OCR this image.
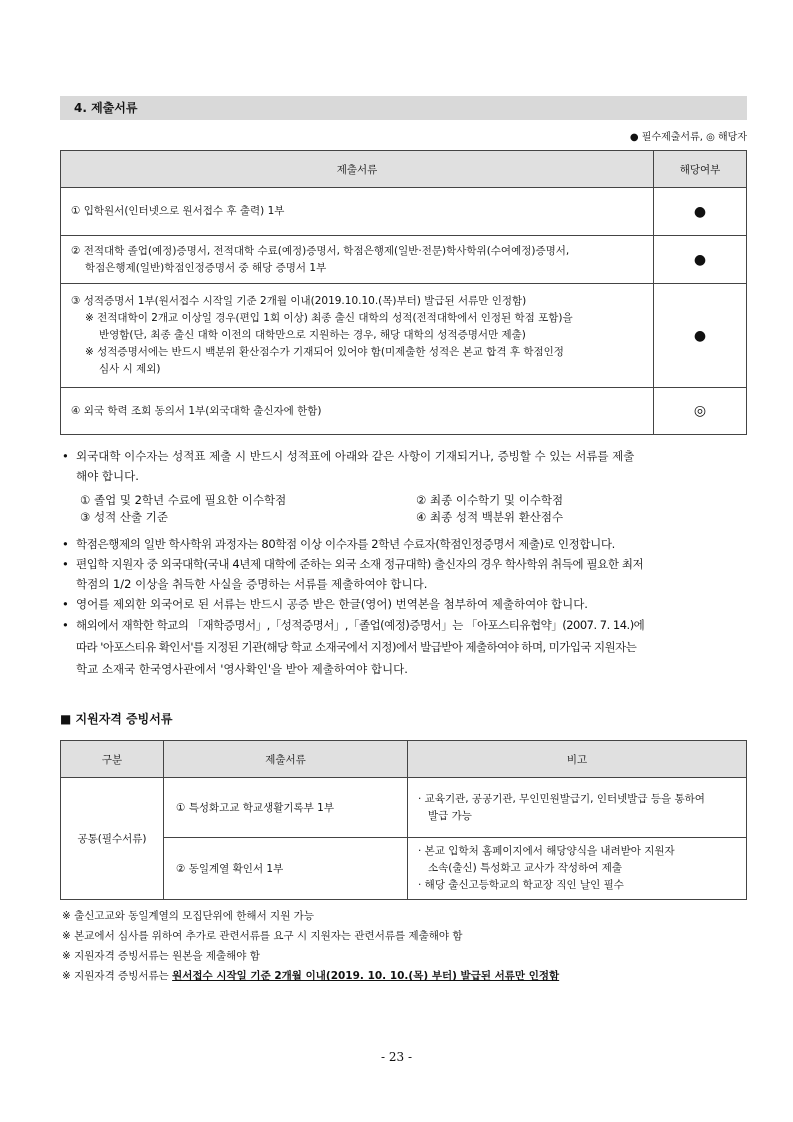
4. 제출서류
● 필수제출서류, ◎ 해당자
제출서류	해당여부

① 입학원서(인터넷으로 원서접수 후 출력) 1부	●

② 전적대학 졸업(예정)증명서, 전적대학 수료(예정)증명서, 학점은행제(일반·전문)학사학위(수여예정)증명서,
학점은행제(일반)학점인정증명서 중 해당 증명서 1부	●

③ 성적증명서 1부(원서접수 시작일 기준 2개월 이내(2019.10.10.(목)부터) 발급된 서류만 인정함)
※ 전적대학이 2개교 이상일 경우(편입 1회 이상) 최종 출신 대학의 성적(전적대학에서 인정된 학점 포함)을
반영함(단, 최종 출신 대학 이전의 대학만으로 지원하는 경우, 해당 대학의 성적증명서만 제출)
※ 성적증명서에는 반드시 백분위 환산점수가 기재되어 있어야 함(미제출한 성적은 본교 합격 후 학점인정
심사 시 제외)	●

④ 외국 학력 조회 동의서 1부(외국대학 출신자에 한함)	◎
• 외국대학 이수자는 성적표 제출 시 반드시 성적표에 아래와 같은 사항이 기재되거나, 증빙할 수 있는 서류를 제출
해야 합니다.
① 졸업 및 2학년 수료에 필요한 이수학점	② 최종 이수학기 및 이수학점
③ 성적 산출 기준	④ 최종 성적 백분위 환산점수
• 학점은행제의 일반 학사학위 과정자는 80학점 이상 이수자를 2학년 수료자(학점인정증명서 제출)로 인정합니다.
• 편입학 지원자 중 외국대학(국내 4년제 대학에 준하는 외국 소재 정규대학) 출신자의 경우 학사학위 취득에 필요한 최저
학점의 1/2 이상을 취득한 사실을 증명하는 서류를 제출하여야 합니다.
• 영어를 제외한 외국어로 된 서류는 반드시 공증 받은 한글(영어) 번역본을 첨부하여 제출하여야 합니다.
• 해외에서 재학한 학교의 「재학증명서」,「성적증명서」,「졸업(예정)증명서」는 「아포스티유협약」(2007. 7. 14.)에
따라 '아포스티유 확인서'를 지정된 기관(해당 학교 소재국에서 지정)에서 발급받아 제출하여야 하며, 미가입국 지원자는
학교 소재국 한국영사관에서 '영사확인'을 받아 제출하여야 합니다.
■ 지원자격 증빙서류
구분	제출서류	비고
공통(필수서류)	① 특성화고교 학교생활기록부 1부	· 교육기관, 공공기관, 무인민원발급기, 인터넷발급 등을 통하여
발급 가능

	② 동일계열 확인서 1부	· 본교 입학처 홈페이지에서 해당양식을 내려받아 지원자
소속(출신) 특성화고 교사가 작성하여 제출
· 해당 출신고등학교의 학교장 직인 날인 필수
※ 출신고교와 동일계열의 모집단위에 한해서 지원 가능
※ 본교에서 심사를 위하여 추가로 관련서류를 요구 시 지원자는 관련서류를 제출해야 함
※ 지원자격 증빙서류는 원본을 제출해야 함
※ 지원자격 증빙서류는 원서접수 시작일 기준 2개월 이내(2019. 10. 10.(목) 부터) 발급된 서류만 인정함
- 23 -
